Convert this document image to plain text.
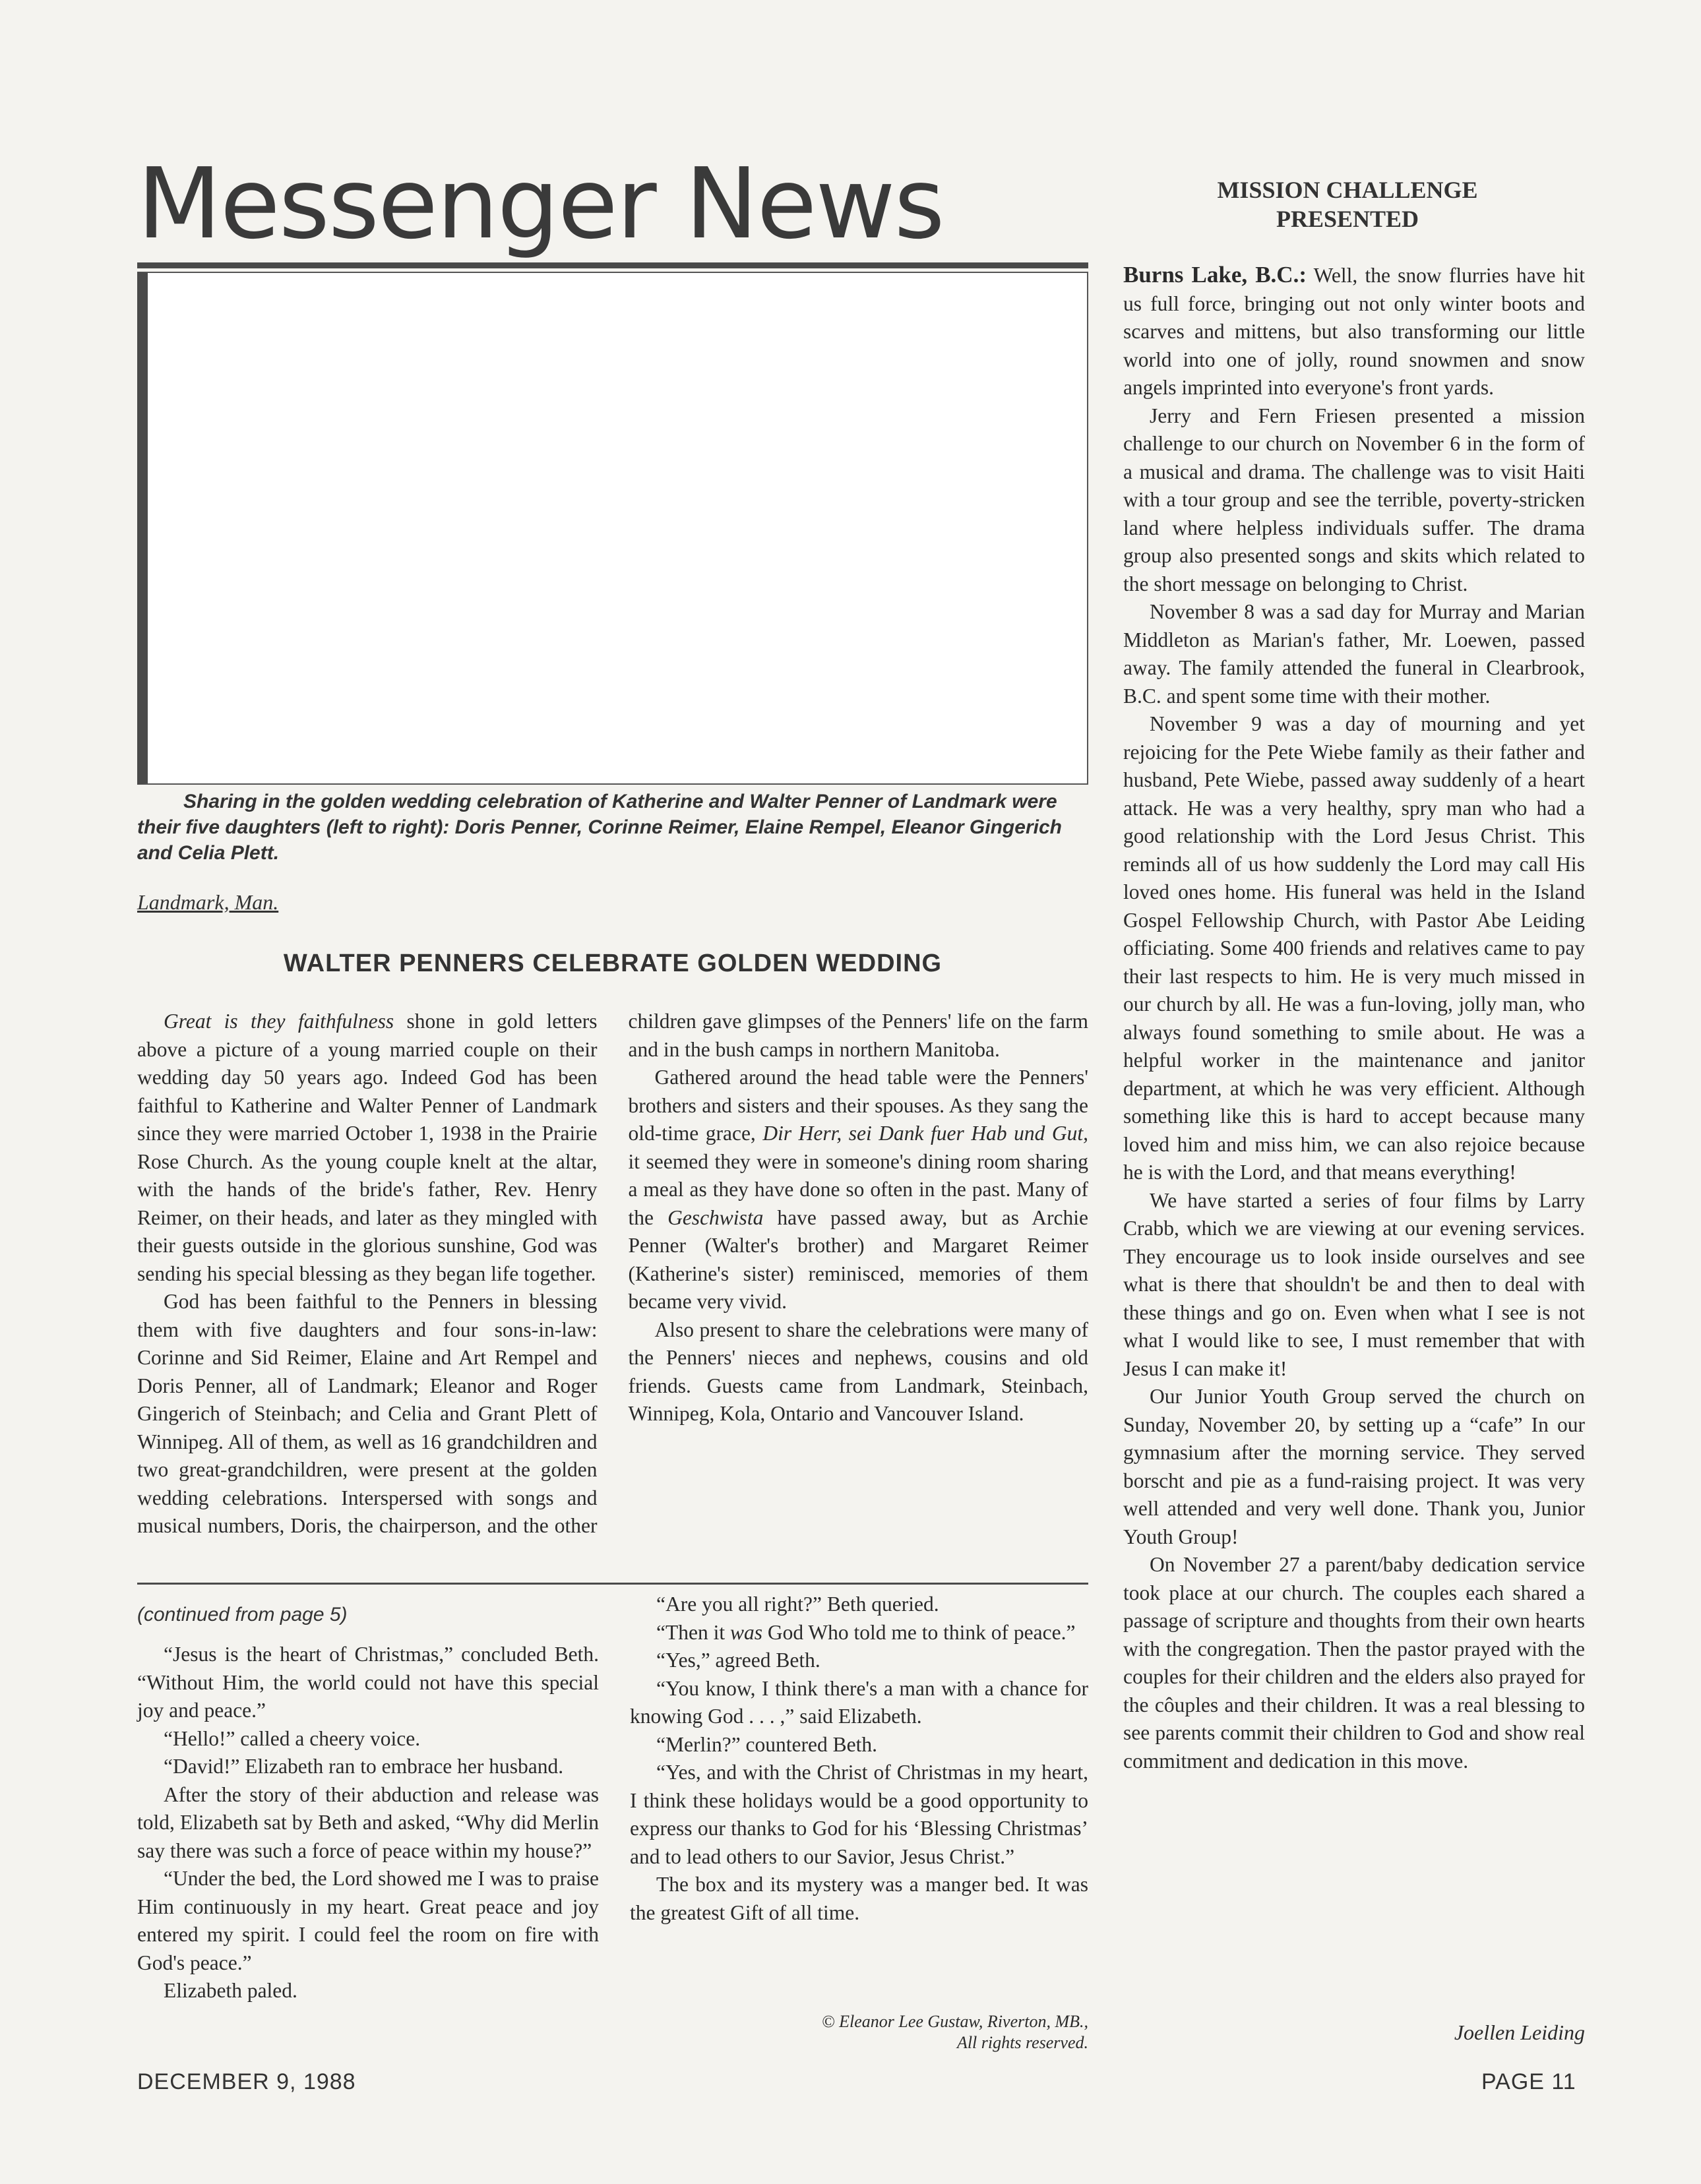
Messenger News
Sharing in the golden wedding celebration of Katherine and Walter Penner of Landmark were their five daughters (left to right): Doris Penner, Corinne Reimer, Elaine Rempel, Eleanor Gingerich and Celia Plett.
Landmark, Man.
WALTER PENNERS CELEBRATE GOLDEN WEDDING

Great is they faithfulness shone in gold letters above a picture of a young married couple on their wedding day 50 years ago. Indeed God has been faithful to Katherine and Walter Penner of Landmark since they were married October 1, 1938 in the Prairie Rose Church. As the young couple knelt at the altar, with the hands of the bride's father, Rev. Henry Reimer, on their heads, and later as they mingled with their guests outside in the glorious sunshine, God was sending his special blessing as they began life together.

God has been faithful to the Penners in blessing them with five daughters and four sons-in-law: Corinne and Sid Reimer, Elaine and Art Rempel and Doris Penner, all of Landmark; Eleanor and Roger Gingerich of Steinbach; and Celia and Grant Plett of Winnipeg. All of them, as well as 16 grandchildren and two great-grandchildren, were present at the golden wedding celebrations. Interspersed with songs and musical numbers, Doris, the chairperson, and the other children gave glimpses of the Penners' life on the farm and in the bush camps in northern Manitoba.

Gathered around the head table were the Penners' brothers and sisters and their spouses. As they sang the old-time grace, Dir Herr, sei Dank fuer Hab und Gut, it seemed they were in someone's dining room sharing a meal as they have done so often in the past. Many of the Geschwista have passed away, but as Archie Penner (Walter's brother) and Margaret Reimer (Katherine's sister) reminisced, memories of them became very vivid.

Also present to share the celebrations were many of the Penners' nieces and nephews, cousins and old friends. Guests came from Landmark, Steinbach, Winnipeg, Kola, Ontario and Vancouver Island.

(continued from page 5)

“Jesus is the heart of Christmas,” concluded Beth. “Without Him, the world could not have this special joy and peace.”

“Hello!” called a cheery voice.

“David!” Elizabeth ran to embrace her husband.

After the story of their abduction and release was told, Elizabeth sat by Beth and asked, “Why did Merlin say there was such a force of peace within my house?”

“Under the bed, the Lord showed me I was to praise Him continuously in my heart. Great peace and joy entered my spirit. I could feel the room on fire with God's peace.”

Elizabeth paled.

“Are you all right?” Beth queried.

“Then it was God Who told me to think of peace.”

“Yes,” agreed Beth.

“You know, I think there's a man with a chance for knowing God . . . ,” said Elizabeth.

“Merlin?” countered Beth.

“Yes, and with the Christ of Christmas in my heart, I think these holidays would be a good opportunity to express our thanks to God for his ‘Blessing Christmas’ and to lead others to our Savior, Jesus Christ.”

The box and its mystery was a manger bed. It was the greatest Gift of all time.

© Eleanor Lee Gustaw, Riverton, MB.,
All rights reserved.
MISSION CHALLENGE
PRESENTED

Burns Lake, B.C.: Well, the snow flurries have hit us full force, bringing out not only winter boots and scarves and mittens, but also transforming our little world into one of jolly, round snowmen and snow angels imprinted into everyone's front yards.

Jerry and Fern Friesen presented a mission challenge to our church on November 6 in the form of a musical and drama. The challenge was to visit Haiti with a tour group and see the terrible, poverty-stricken land where helpless individuals suffer. The drama group also presented songs and skits which related to the short message on belonging to Christ.

November 8 was a sad day for Murray and Marian Middleton as Marian's father, Mr. Loewen, passed away. The family attended the funeral in Clearbrook, B.C. and spent some time with their mother.

November 9 was a day of mourning and yet rejoicing for the Pete Wiebe family as their father and husband, Pete Wiebe, passed away suddenly of a heart attack. He was a very healthy, spry man who had a good relationship with the Lord Jesus Christ. This reminds all of us how suddenly the Lord may call His loved ones home. His funeral was held in the Island Gospel Fellowship Church, with Pastor Abe Leiding officiating. Some 400 friends and relatives came to pay their last respects to him. He is very much missed in our church by all. He was a fun-loving, jolly man, who always found something to smile about. He was a helpful worker in the maintenance and janitor department, at which he was very efficient. Although something like this is hard to accept because many loved him and miss him, we can also rejoice because he is with the Lord, and that means everything!

We have started a series of four films by Larry Crabb, which we are viewing at our evening services. They encourage us to look inside ourselves and see what is there that shouldn't be and then to deal with these things and go on. Even when what I see is not what I would like to see, I must remember that with Jesus I can make it!

Our Junior Youth Group served the church on Sunday, November 20, by setting up a “cafe” In our gymnasium after the morning service. They served borscht and pie as a fund-raising project. It was very well attended and very well done. Thank you, Junior Youth Group!

On November 27 a parent/baby dedication service took place at our church. The couples each shared a passage of scripture and thoughts from their own hearts with the congregation. Then the pastor prayed with the couples for their children and the elders also prayed for the côuples and their children. It was a real blessing to see parents commit their children to God and show real commitment and dedication in this move.

Joellen Leiding
DECEMBER 9, 1988	PAGE 11
